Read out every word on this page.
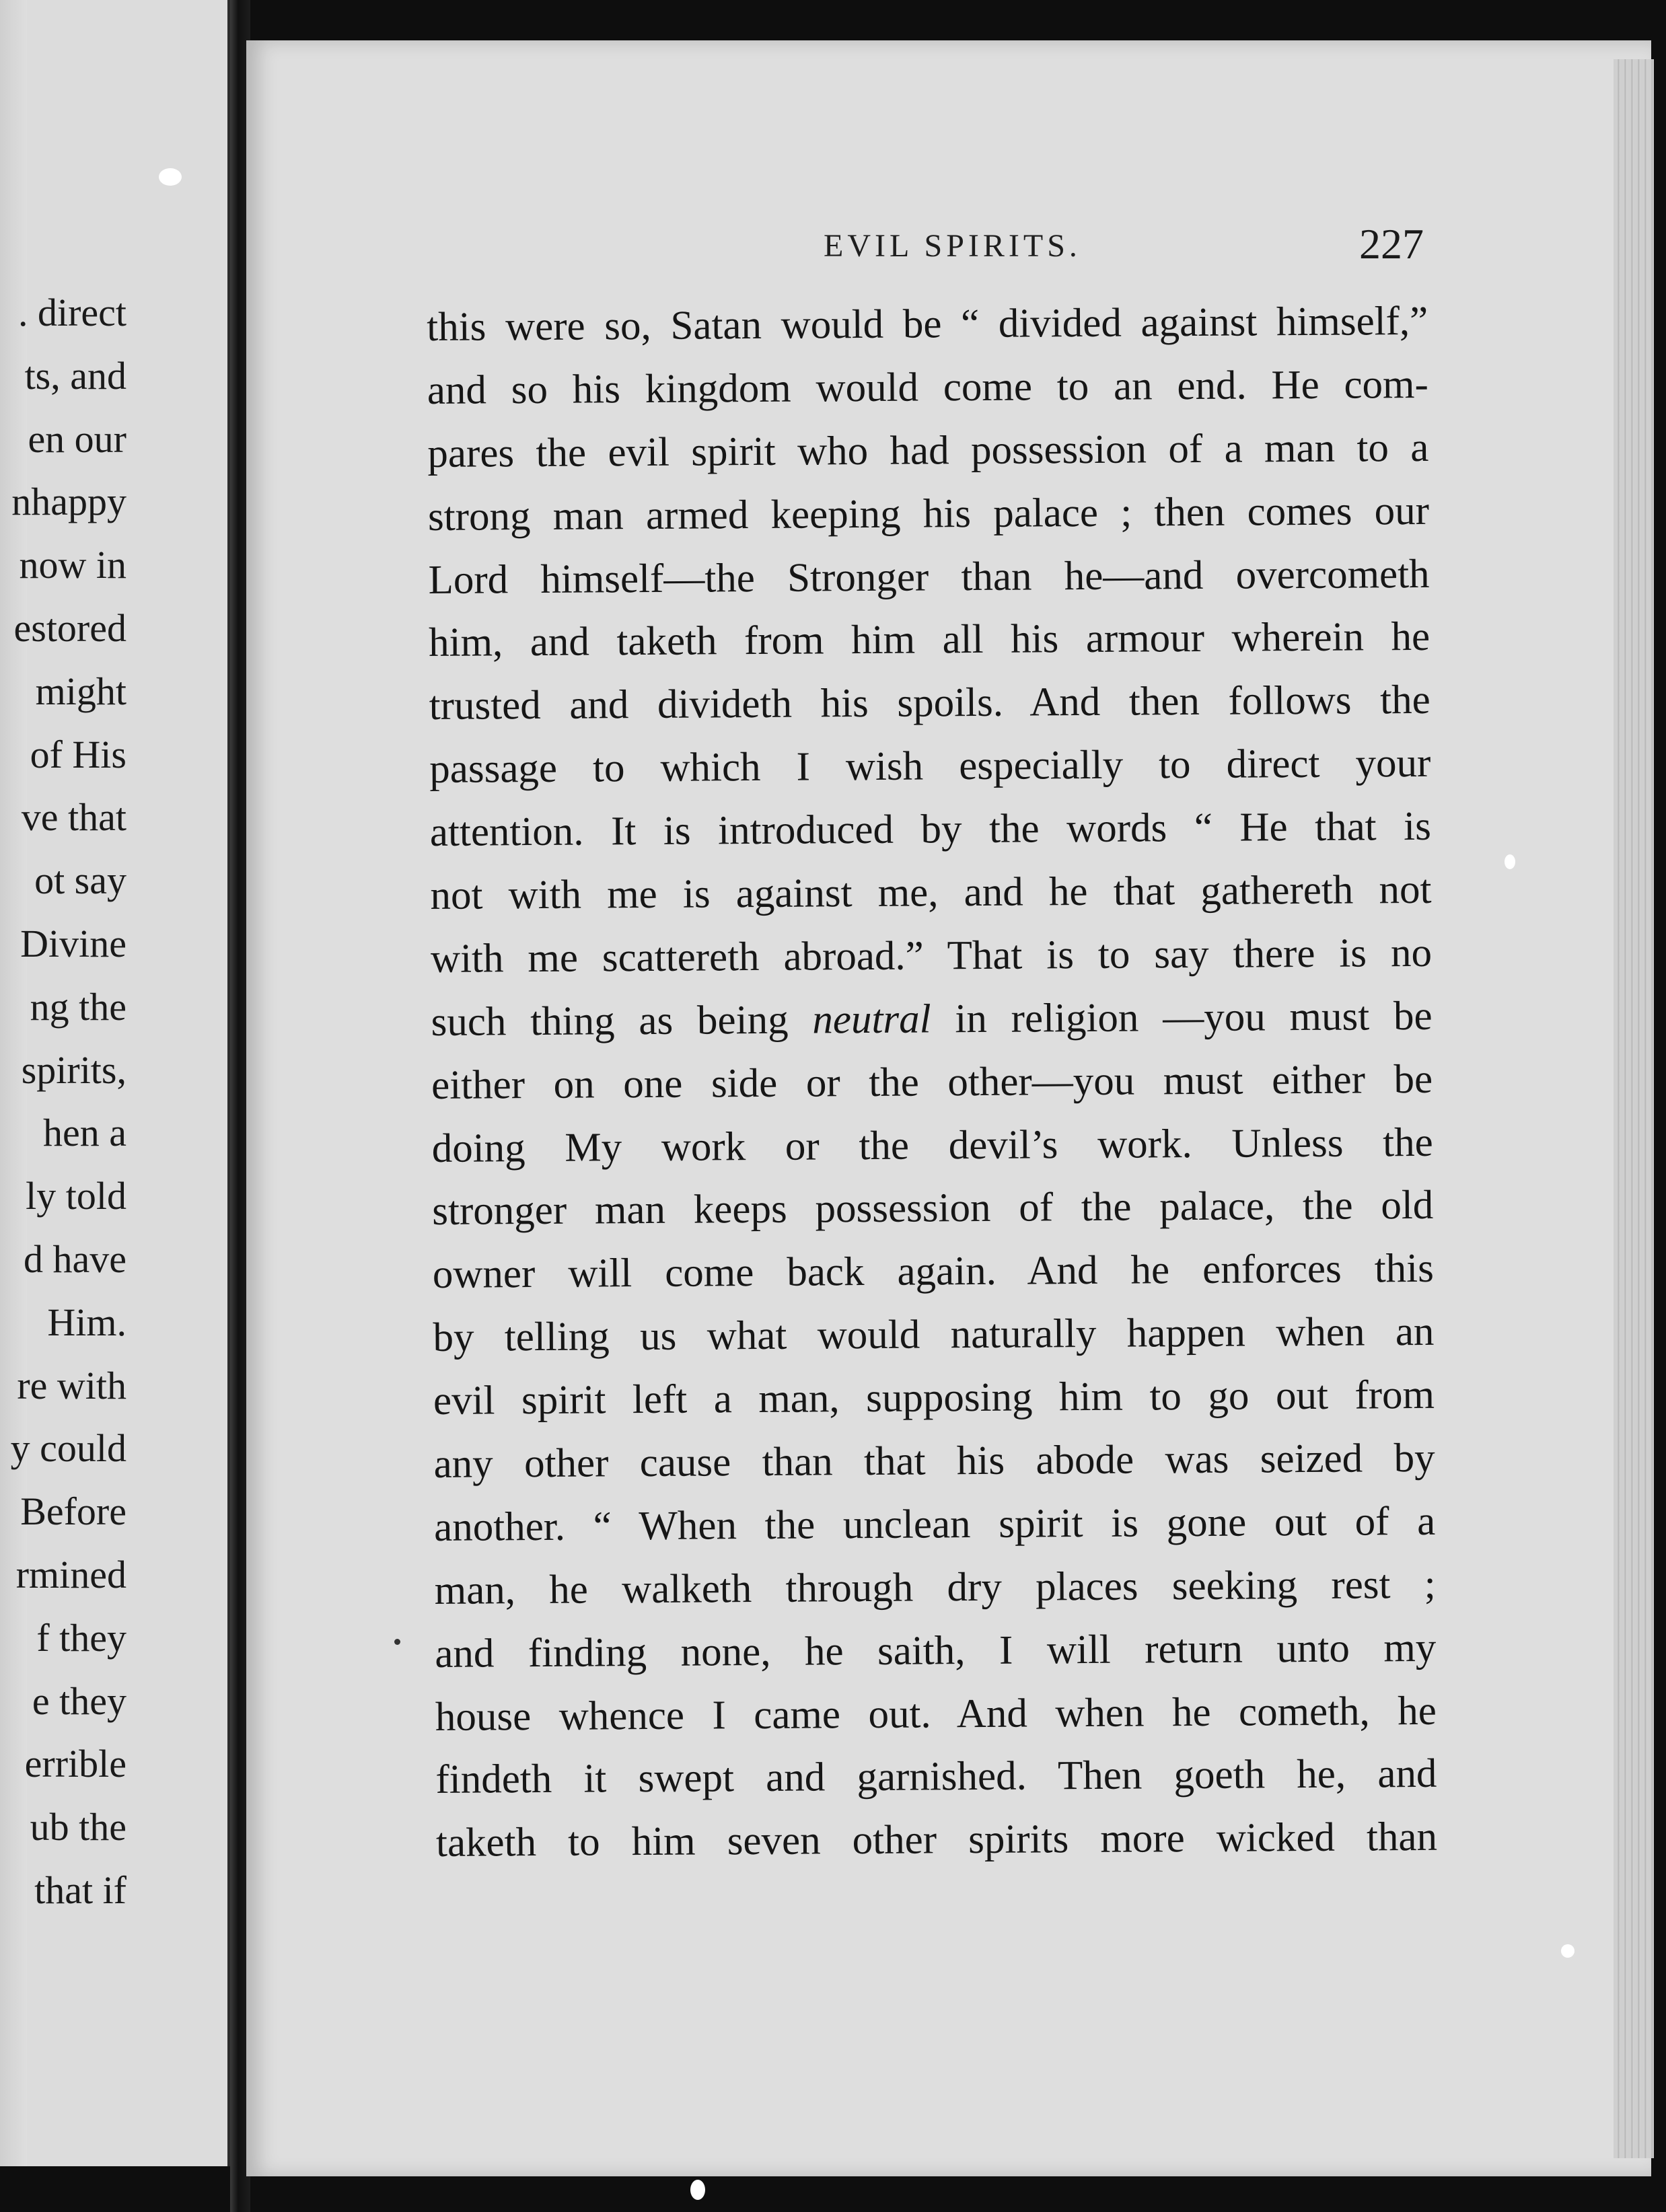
. direct
ts, and
en our
nhappy
now in
estored
might
of His
ve that
ot say
Divine
ng the
spirits,
hen a
ly told
d have
Him.
re with
y could
Before
rmined
f they
e they
errible
ub the
that if
EVIL SPIRITS.	227
this were so, Satan would be “ divided against himself,”
and so his kingdom would come to an end. He com-
pares the evil spirit who had possession of a man to a
strong man armed keeping his palace ; then comes our
Lord himself—the Stronger than he—and overcometh
him, and taketh from him all his armour wherein he
trusted and divideth his spoils. And then follows the
passage to which I wish especially to direct your
attention. It is introduced by the words “ He that is
not with me is against me, and he that gathereth not
with me scattereth abroad.” That is to say there is no
such thing as being neutral in religion —you must be
either on one side or the other—you must either be
doing My work or the devil’s work. Unless the
stronger man keeps possession of the palace, the old
owner will come back again. And he enforces this
by telling us what would naturally happen when an
evil spirit left a man, supposing him to go out from
any other cause than that his abode was seized by
another. “ When the unclean spirit is gone out of a
man, he walketh through dry places seeking rest ;
and finding none, he saith, I will return unto my
house whence I came out. And when he cometh, he
findeth it swept and garnished. Then goeth he, and
taketh to him seven other spirits more wicked than
